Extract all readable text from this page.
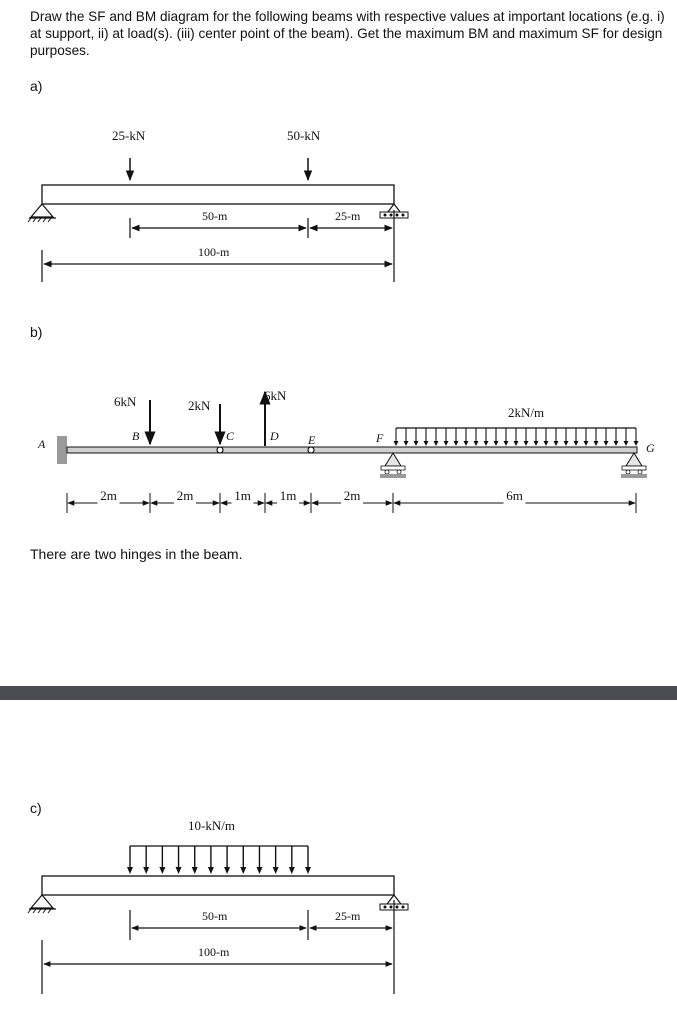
Draw the SF and BM diagram for the following beams with respective values at important locations (e.g. i) at support, ii) at load(s). (iii) center point of the beam). Get the maximum BM and maximum SF for design purposes.

a)
25-kN	50-kN
50-m	25-m
100-m
b)
A
6kN
B
2kN
C
6kN
D E	F
G
2kN/m
2m	2m	1m 1m	2m	6m
There are two hinges in the beam.
c)
10-kN/m
50-m	25-m
100-m
